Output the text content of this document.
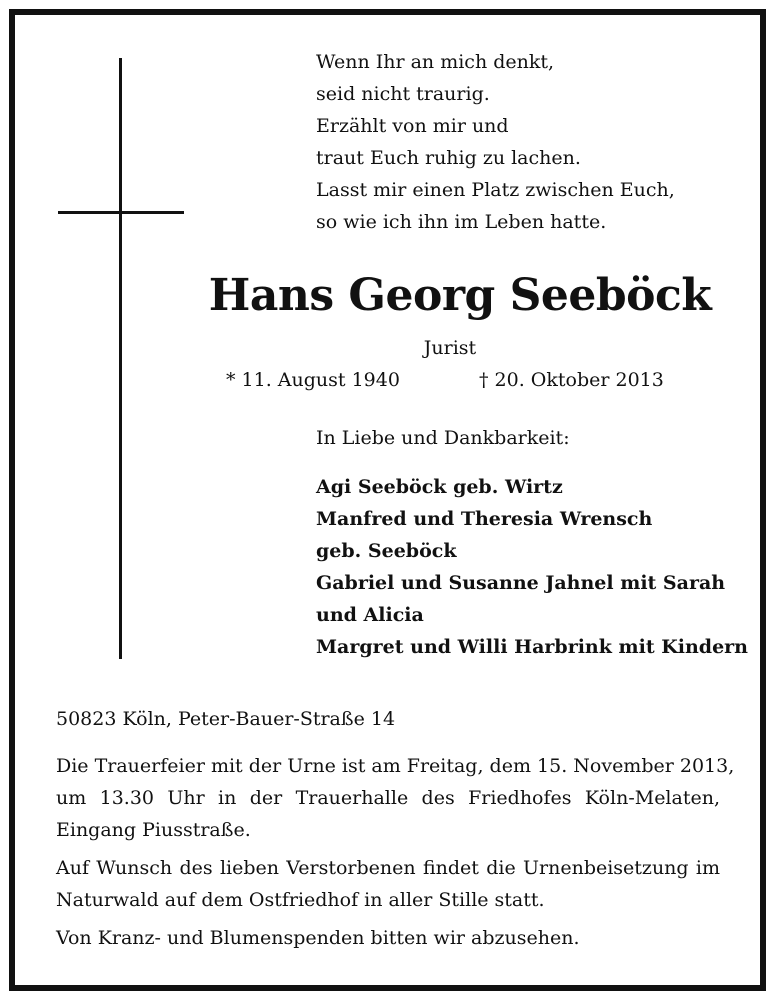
Wenn Ihr an mich denkt,
seid nicht traurig.
Erzählt von mir und
traut Euch ruhig zu lachen.
Lasst mir einen Platz zwischen Euch,
so wie ich ihn im Leben hatte.
Hans Georg Seeböck
Jurist
* 11. August 1940	† 20. Oktober 2013
In Liebe und Dankbarkeit:
Agi Seeböck geb. Wirtz
Manfred und Theresia Wrensch
geb. Seeböck
Gabriel und Susanne Jahnel mit Sarah
und Alicia
Margret und Willi Harbrink mit Kindern
50823 Köln, Peter-Bauer-Straße 14
Die Trauerfeier mit der Urne ist am Freitag, dem 15. November 2013,
um 13.30 Uhr in der Trauerhalle des Friedhofes Köln-Melaten,
Eingang Piusstraße.
Auf Wunsch des lieben Verstorbenen findet die Urnenbeisetzung im
Naturwald auf dem Ostfriedhof in aller Stille statt.
Von Kranz- und Blumenspenden bitten wir abzusehen.
